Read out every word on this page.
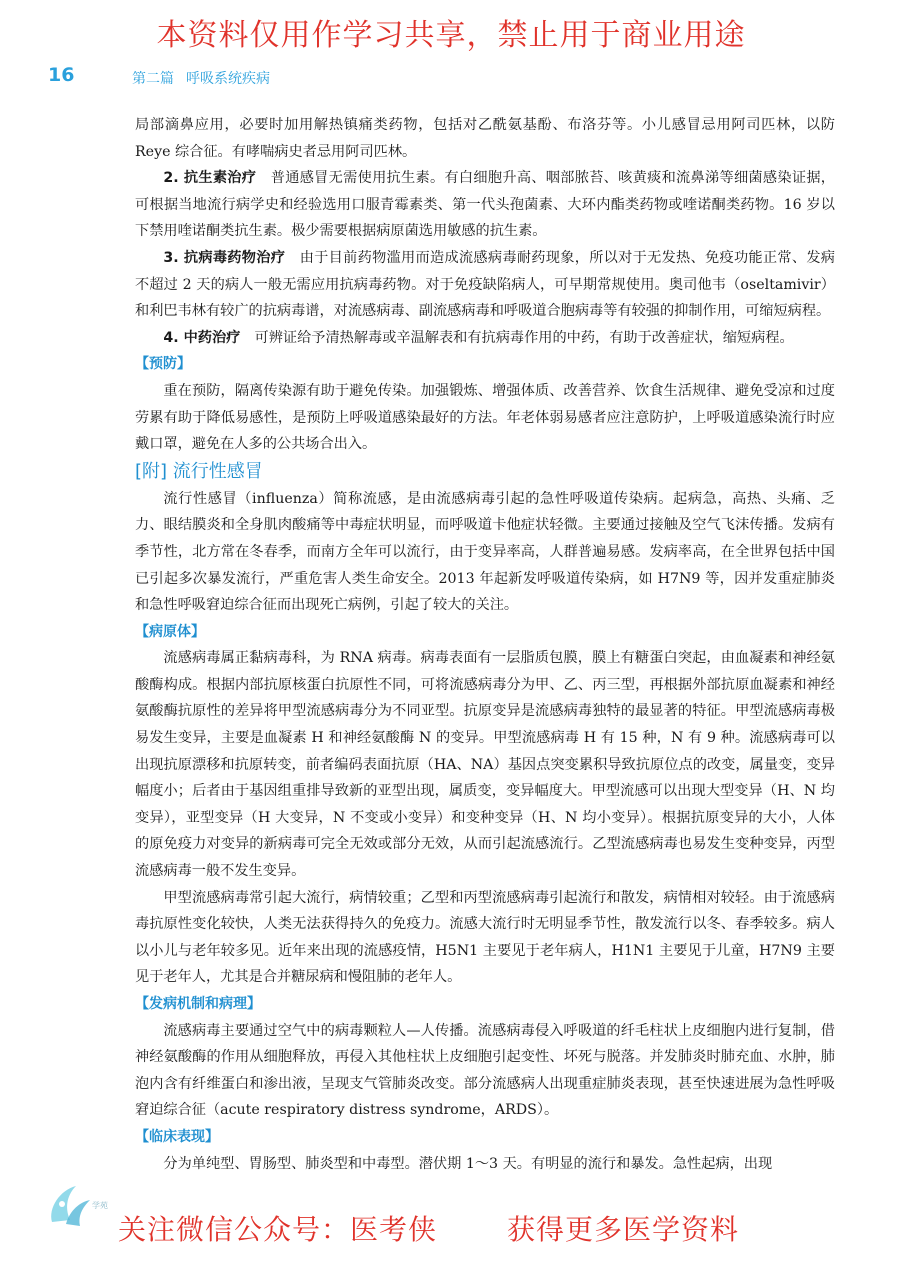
本资料仅用作学习共享，禁止用于商业用途
16	第二篇 呼吸系统疾病

局部滴鼻应用，必要时加用解热镇痛类药物，包括对乙酰氨基酚、布洛芬等。小儿感冒忌用阿司匹林，以防 Reye 综合征。有哮喘病史者忌用阿司匹林。

2. 抗生素治疗　 普通感冒无需使用抗生素。有白细胞升高、咽部脓苔、咳黄痰和流鼻涕等细菌感染证据，可根据当地流行病学史和经验选用口服青霉素类、第一代头孢菌素、大环内酯类药物或喹诺酮类药物。16 岁以下禁用喹诺酮类抗生素。极少需要根据病原菌选用敏感的抗生素。

3. 抗病毒药物治疗　 由于目前药物滥用而造成流感病毒耐药现象，所以对于无发热、免疫功能正常、发病不超过 2 天的病人一般无需应用抗病毒药物。对于免疫缺陷病人，可早期常规使用。奥司他韦（oseltamivir）和利巴韦林有较广的抗病毒谱，对流感病毒、副流感病毒和呼吸道合胞病毒等有较强的抑制作用，可缩短病程。

4. 中药治疗　 可辨证给予清热解毒或辛温解表和有抗病毒作用的中药，有助于改善症状，缩短病程。

【预防】

重在预防，隔离传染源有助于避免传染。加强锻炼、增强体质、改善营养、饮食生活规律、避免受凉和过度劳累有助于降低易感性，是预防上呼吸道感染最好的方法。年老体弱易感者应注意防护，上呼吸道感染流行时应戴口罩，避免在人多的公共场合出入。

[附] 流行性感冒

流行性感冒（influenza）简称流感，是由流感病毒引起的急性呼吸道传染病。起病急，高热、头痛、乏力、眼结膜炎和全身肌肉酸痛等中毒症状明显，而呼吸道卡他症状轻微。主要通过接触及空气飞沫传播。发病有季节性，北方常在冬春季，而南方全年可以流行，由于变异率高，人群普遍易感。发病率高，在全世界包括中国已引起多次暴发流行，严重危害人类生命安全。2013 年起新发呼吸道传染病，如 H7N9 等，因并发重症肺炎和急性呼吸窘迫综合征而出现死亡病例，引起了较大的关注。

【病原体】

流感病毒属正黏病毒科，为 RNA 病毒。病毒表面有一层脂质包膜，膜上有糖蛋白突起，由血凝素和神经氨酸酶构成。根据内部抗原核蛋白抗原性不同，可将流感病毒分为甲、乙、丙三型，再根据外部抗原血凝素和神经氨酸酶抗原性的差异将甲型流感病毒分为不同亚型。抗原变异是流感病毒独特的最显著的特征。甲型流感病毒极易发生变异，主要是血凝素 H 和神经氨酸酶 N 的变异。甲型流感病毒 H 有 15 种，N 有 9 种。流感病毒可以出现抗原漂移和抗原转变，前者编码表面抗原（HA、NA）基因点突变累积导致抗原位点的改变，属量变，变异幅度小；后者由于基因组重排导致新的亚型出现，属质变，变异幅度大。甲型流感可以出现大型变异（H、N 均变异），亚型变异（H 大变异，N 不变或小变异）和变种变异（H、N 均小变异）。根据抗原变异的大小，人体的原免疫力对变异的新病毒可完全无效或部分无效，从而引起流感流行。乙型流感病毒也易发生变种变异，丙型流感病毒一般不发生变异。

甲型流感病毒常引起大流行，病情较重；乙型和丙型流感病毒引起流行和散发，病情相对较轻。由于流感病毒抗原性变化较快，人类无法获得持久的免疫力。流感大流行时无明显季节性，散发流行以冬、春季较多。病人以小儿与老年较多见。近年来出现的流感疫情，H5N1 主要见于老年病人，H1N1 主要见于儿童，H7N9 主要见于老年人，尤其是合并糖尿病和慢阻肺的老年人。

【发病机制和病理】

流感病毒主要通过空气中的病毒颗粒人—人传播。流感病毒侵入呼吸道的纤毛柱状上皮细胞内进行复制，借神经氨酸酶的作用从细胞释放，再侵入其他柱状上皮细胞引起变性、坏死与脱落。并发肺炎时肺充血、水肿，肺泡内含有纤维蛋白和渗出液，呈现支气管肺炎改变。部分流感病人出现重症肺炎表现，甚至快速进展为急性呼吸窘迫综合征（acute respiratory distress syndrome，ARDS）。

【临床表现】

分为单纯型、胃肠型、肺炎型和中毒型。潜伏期 1～3 天。有明显的流行和暴发。急性起病，出现

学苑
关注微信公众号：医考侠	获得更多医学资料
